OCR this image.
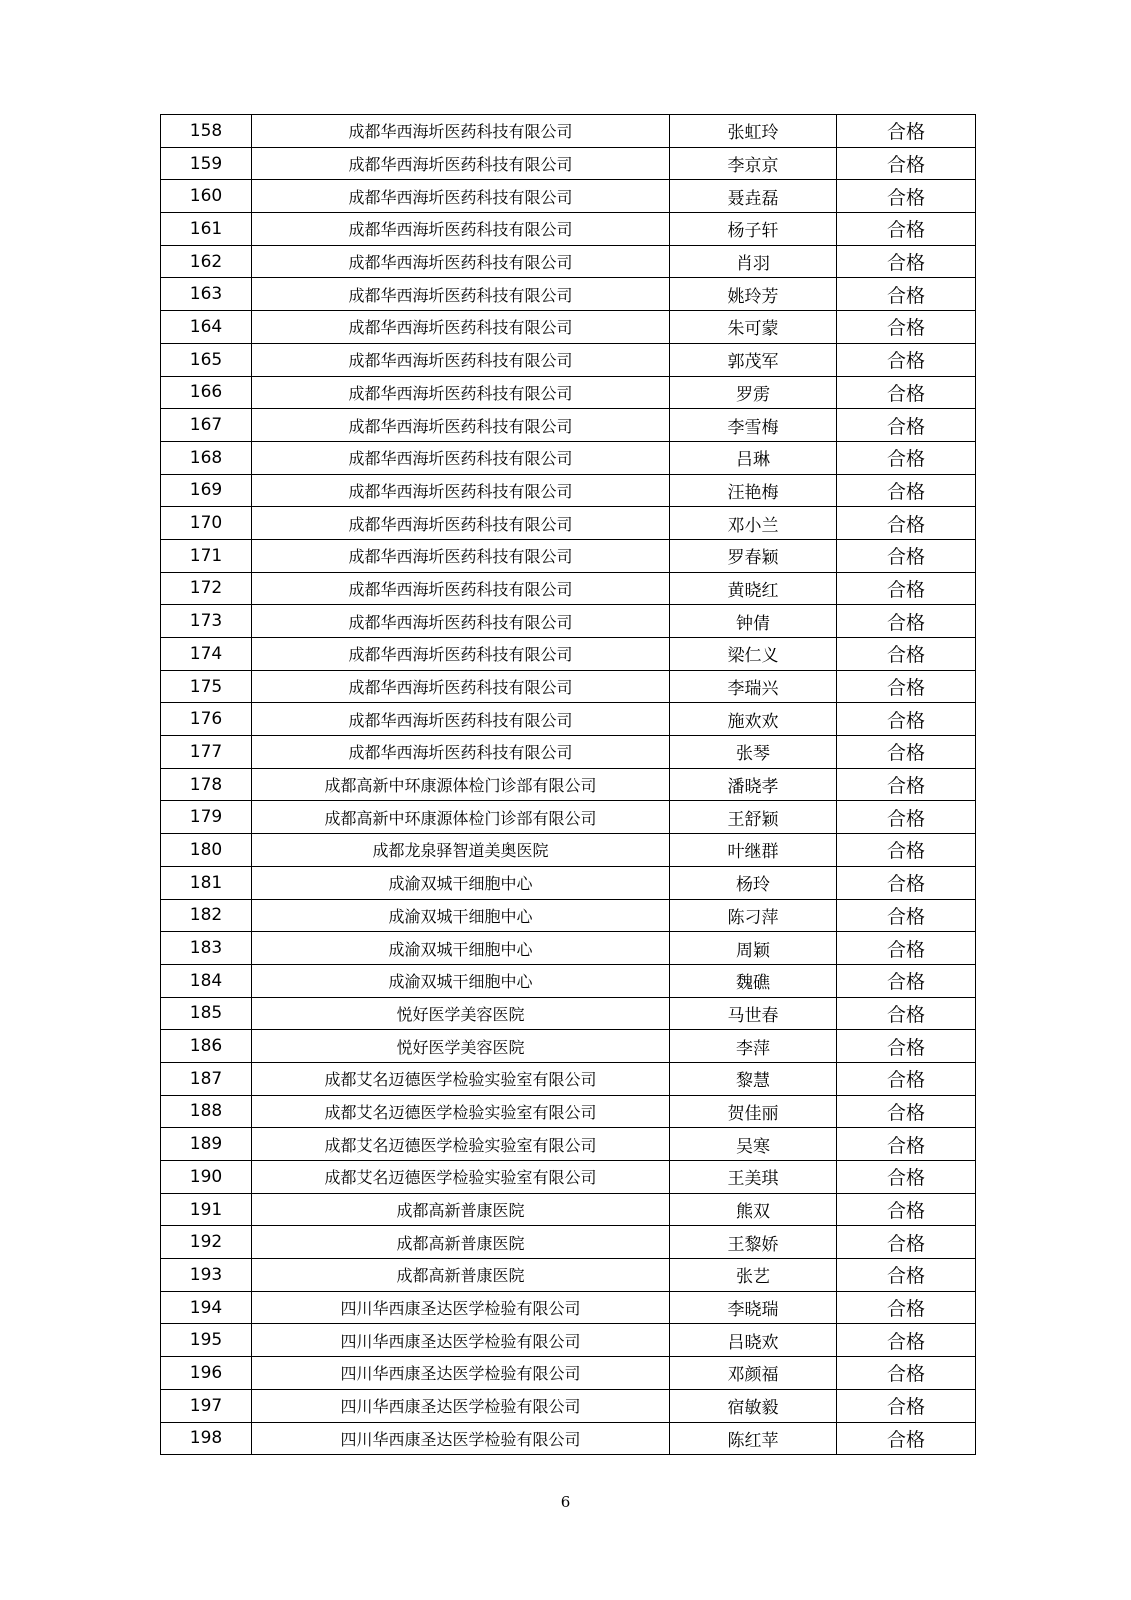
158	成都华西海圻医药科技有限公司	张虹玲	合格
159	成都华西海圻医药科技有限公司	李京京	合格
160	成都华西海圻医药科技有限公司	聂垚磊	合格
161	成都华西海圻医药科技有限公司	杨子轩	合格
162	成都华西海圻医药科技有限公司	肖羽	合格
163	成都华西海圻医药科技有限公司	姚玲芳	合格
164	成都华西海圻医药科技有限公司	朱可蒙	合格
165	成都华西海圻医药科技有限公司	郭茂军	合格
166	成都华西海圻医药科技有限公司	罗雳	合格
167	成都华西海圻医药科技有限公司	李雪梅	合格
168	成都华西海圻医药科技有限公司	吕琳	合格
169	成都华西海圻医药科技有限公司	汪艳梅	合格
170	成都华西海圻医药科技有限公司	邓小兰	合格
171	成都华西海圻医药科技有限公司	罗春颖	合格
172	成都华西海圻医药科技有限公司	黄晓红	合格
173	成都华西海圻医药科技有限公司	钟倩	合格
174	成都华西海圻医药科技有限公司	梁仁义	合格
175	成都华西海圻医药科技有限公司	李瑞兴	合格
176	成都华西海圻医药科技有限公司	施欢欢	合格
177	成都华西海圻医药科技有限公司	张琴	合格
178	成都高新中环康源体检门诊部有限公司	潘晓孝	合格
179	成都高新中环康源体检门诊部有限公司	王舒颖	合格
180	成都龙泉驿智道美奥医院	叶继群	合格
181	成渝双城干细胞中心	杨玲	合格
182	成渝双城干细胞中心	陈刁萍	合格
183	成渝双城干细胞中心	周颖	合格
184	成渝双城干细胞中心	魏礁	合格
185	悦好医学美容医院	马世春	合格
186	悦好医学美容医院	李萍	合格
187	成都艾名迈德医学检验实验室有限公司	黎慧	合格
188	成都艾名迈德医学检验实验室有限公司	贺佳丽	合格
189	成都艾名迈德医学检验实验室有限公司	吴寒	合格
190	成都艾名迈德医学检验实验室有限公司	王美琪	合格
191	成都高新普康医院	熊双	合格
192	成都高新普康医院	王黎娇	合格
193	成都高新普康医院	张艺	合格
194	四川华西康圣达医学检验有限公司	李晓瑞	合格
195	四川华西康圣达医学检验有限公司	吕晓欢	合格
196	四川华西康圣达医学检验有限公司	邓颜福	合格
197	四川华西康圣达医学检验有限公司	宿敏毅	合格
198	四川华西康圣达医学检验有限公司	陈红苹	合格
6
